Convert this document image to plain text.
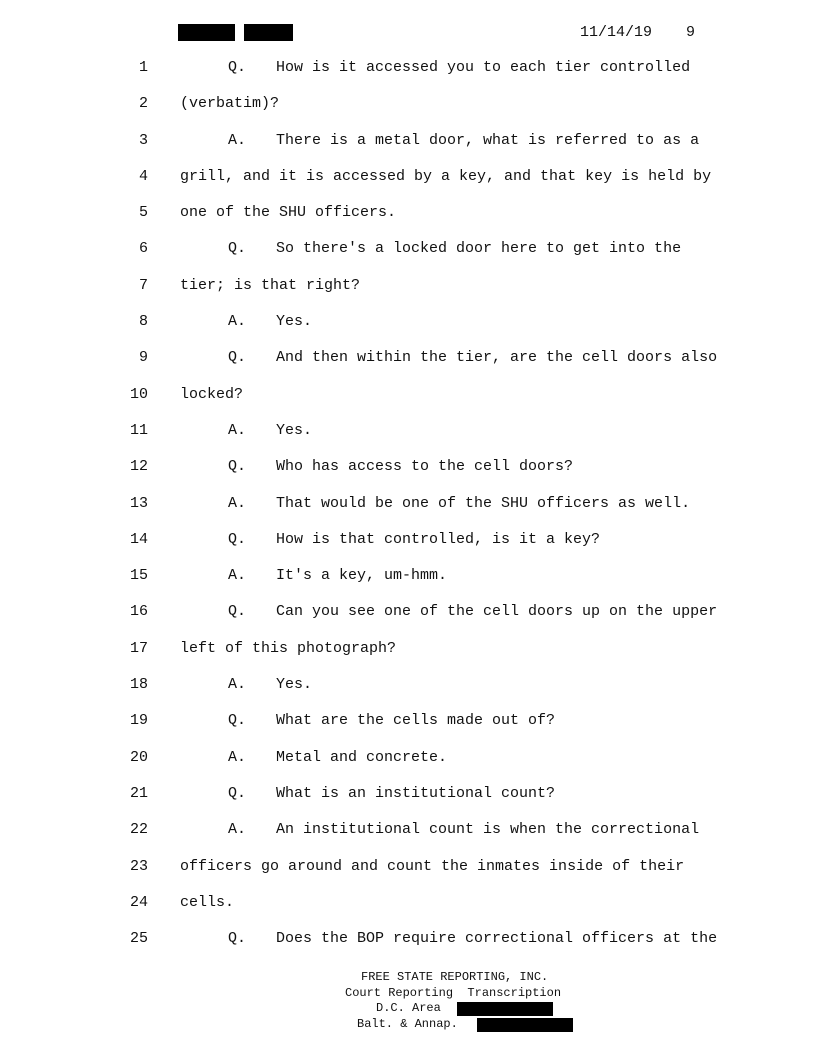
11/14/19 9
1	Q. How is it accessed you to each tier controlled
2 (verbatim)?
3	A. There is a metal door, what is referred to as a
4 grill, and it is accessed by a key, and that key is held by
5 one of the SHU officers.
6	Q. So there's a locked door here to get into the
7 tier; is that right?
8	A. Yes.
9	Q. And then within the tier, are the cell doors also
10 locked?
11	A. Yes.
12	Q. Who has access to the cell doors?
13	A. That would be one of the SHU officers as well.
14	Q. How is that controlled, is it a key?
15	A. It's a key, um-hmm.
16	Q. Can you see one of the cell doors up on the upper
17 left of this photograph?
18	A. Yes.
19	Q. What are the cells made out of?
20	A. Metal and concrete.
21	Q. What is an institutional count?
22	A. An institutional count is when the correctional
23 officers go around and count the inmates inside of their
24 cells.
25	Q. Does the BOP require correctional officers at the
FREE STATE REPORTING, INC.
Court Reporting  Transcription
D.C. Area
Balt. & Annap.
